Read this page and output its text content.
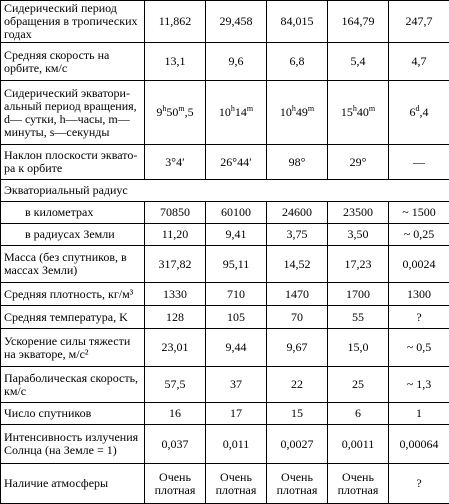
Сидерический период обращения в тропических годах	11,862	29,458	84,015	164,79	247,7
Средняя скорость на орбите, км/с	13,1	9,6	6,8	5,4	4,7
Сидерический экватори-альный период вращения, d— сутки, h—часы, m—минуты, s—секунды	9$^h$50$^m$,5	10$^h$14$^m$	10$^h$49$^m$	15$^h$40$^m$	6$^d$,4
Наклон плоскости эквато-ра к орбите	3°4′	26°44′	98°	29°	—
Экваториальный радиус					
в километрах	70850	60100	24600	23500	~ 1500
в радиусах Земли	11,20	9,41	3,75	3,50	~ 0,25
Масса (без спутников, в массах Земли)	317,82	95,11	14,52	17,23	0,0024
Средняя плотность, кг/м³	1330	710	1470	1700	1300
Средняя температура, K	128	105	70	55	?
Ускорение силы тяжести на экваторе, м/с²	23,01	9,44	9,67	15,0	~ 0,5
Параболическая скорость, км/с	57,5	37	22	25	~ 1,3
Число спутников	16	17	15	6	1
Интенсивность излучения Солнца (на Земле = 1)	0,037	0,011	0,0027	0,0011	0,00064
Наличие атмосферы	Очень плотная	Очень плотная	Очень плотная	Очень плотная	?
